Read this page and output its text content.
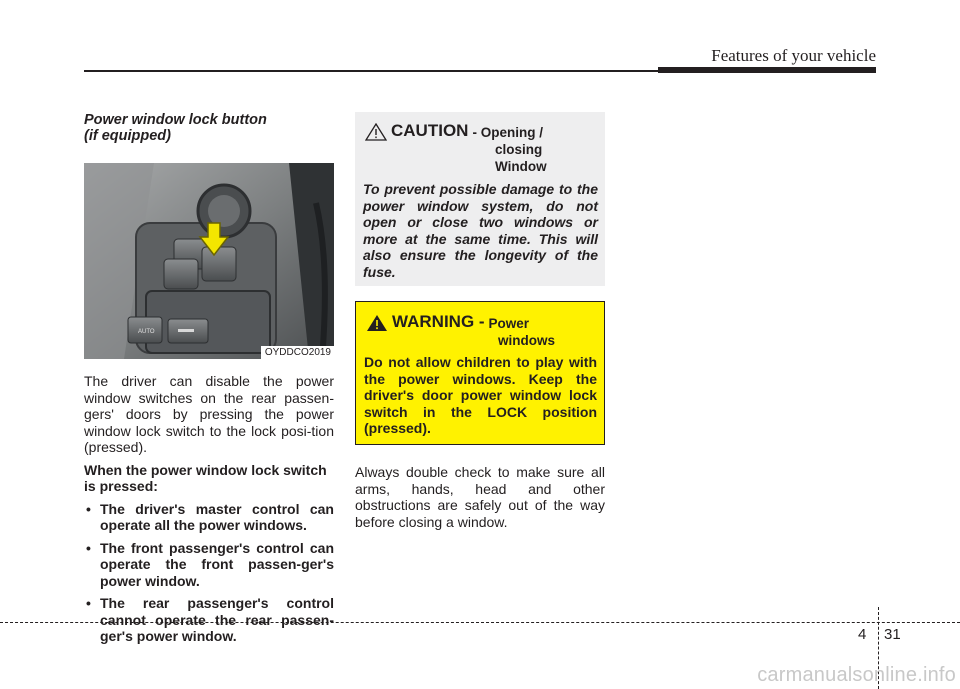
Features of your vehicle

Power window lock button
(if equipped)

AUTO
OYDDCO2019

The driver can disable the power window switches on the rear passen-gers' doors by pressing the power window lock switch to the lock posi-tion (pressed).

When the power window lock switch is pressed:

• The driver's master control can operate all the power windows.
• The front passenger's control can operate the front passen-ger's power window.
• The rear passenger's control cannot operate the rear passen-ger's power window.
CAUTION - Opening /
closing
Window
To prevent possible damage to the power window system, do not open or close two windows or more at the same time. This will also ensure the longevity of the fuse.
WARNING - Power
windows
Do not allow children to play with the power windows. Keep the driver's door power window lock switch in the LOCK position (pressed).
Always double check to make sure all arms, hands, head and other obstructions are safely out of the way before closing a window.
4 31
carmanualsonline.info
